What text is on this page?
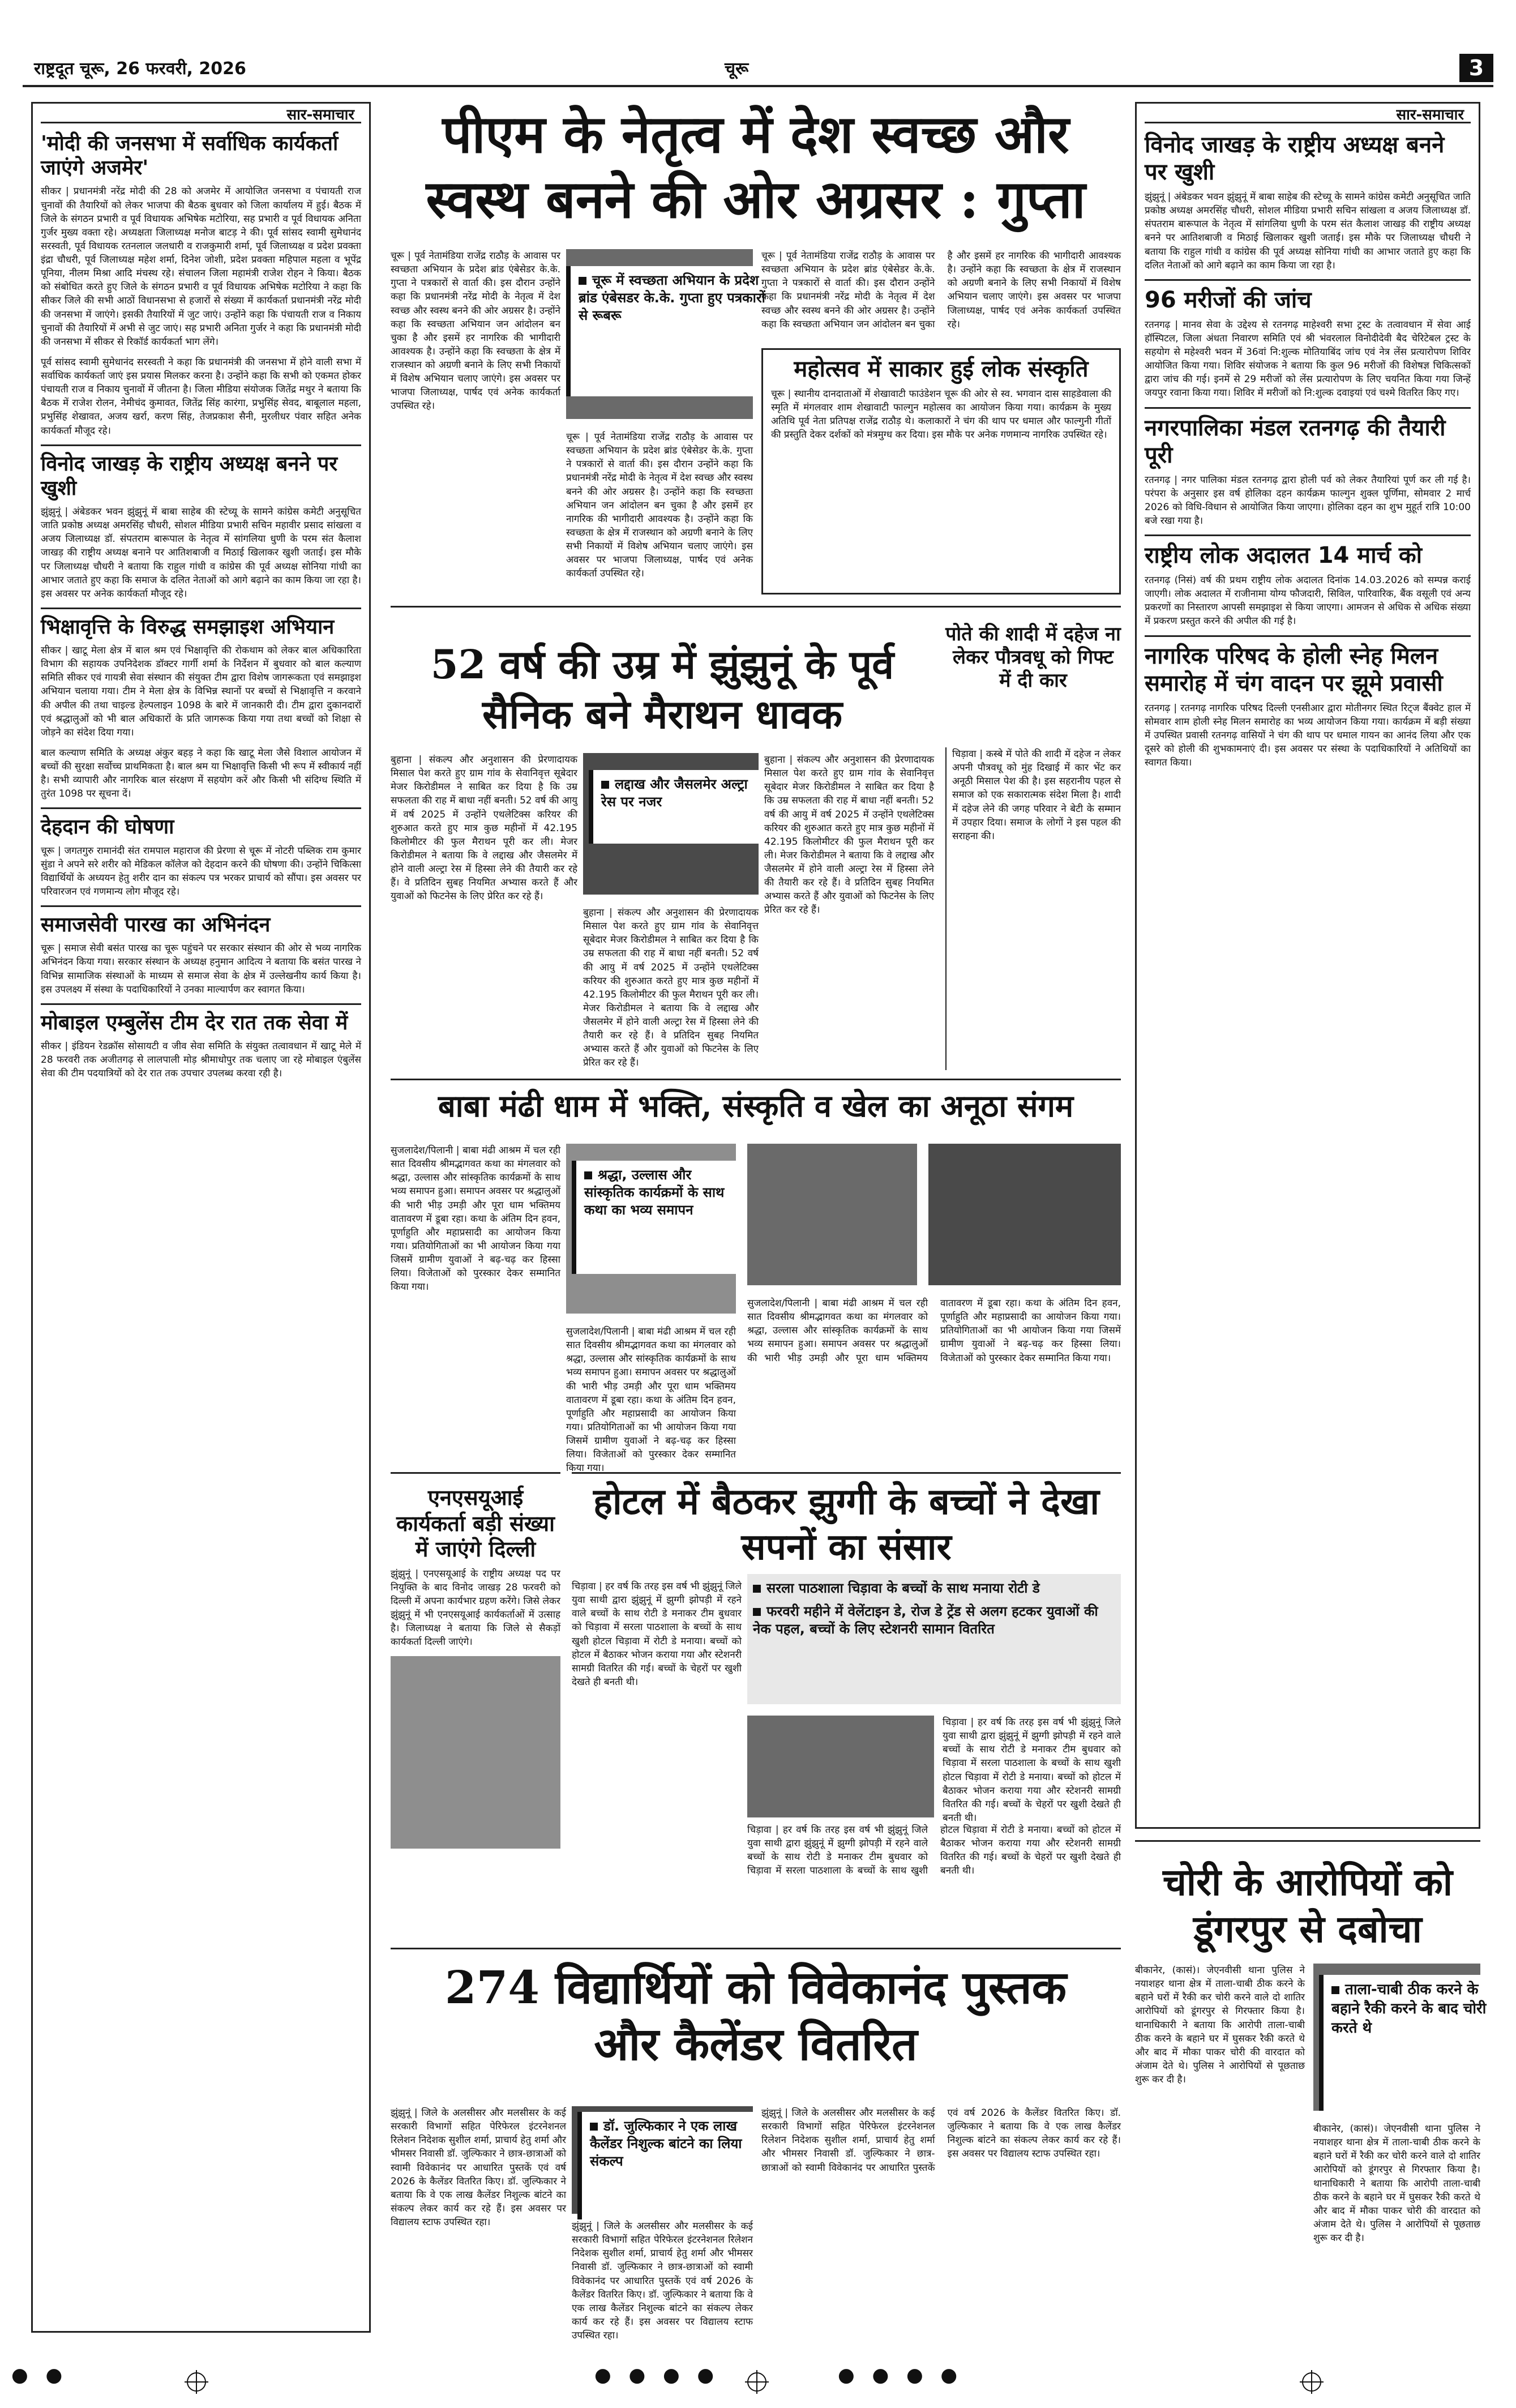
राष्ट्रदूत चूरू, 26 फरवरी, 2026	चूरू	3
सार-समाचार
'मोदी की जनसभा में सर्वाधिक कार्यकर्ता जाएंगे अजमेर'

सीकर | प्रधानमंत्री नरेंद्र मोदी की 28 को अजमेर में आयोजित जनसभा व पंचायती राज चुनावों की तैयारियों को लेकर भाजपा की बैठक बुधवार को जिला कार्यालय में हुई। बैठक में जिले के संगठन प्रभारी व पूर्व विधायक अभिषेक मटोरिया, सह प्रभारी व पूर्व विधायक अनिता गुर्जर मुख्य वक्ता रहे। अध्यक्षता जिलाध्यक्ष मनोज बाटड़ ने की। पूर्व सांसद स्वामी सुमेधानंद सरस्वती, पूर्व विधायक रतनलाल जलधारी व राजकुमारी शर्मा, पूर्व जिलाध्यक्ष व प्रदेश प्रवक्ता इंद्रा चौधरी, पूर्व जिलाध्यक्ष महेश शर्मा, दिनेश जोशी, प्रदेश प्रवक्ता महिपाल महला व भूपेंद्र पूनिया, नीलम मिश्रा आदि मंचस्थ रहे। संचालन जिला महामंत्री राजेश रोहन ने किया। बैठक को संबोधित करते हुए जिले के संगठन प्रभारी व पूर्व विधायक अभिषेक मटोरिया ने कहा कि सीकर जिले की सभी आठों विधानसभा से हजारों से संख्या में कार्यकर्ता प्रधानमंत्री नरेंद्र मोदी की जनसभा में जाएंगे। इसकी तैयारियों में जुट जाएं। उन्होंने कहा कि पंचायती राज व निकाय चुनावों की तैयारियों में अभी से जुट जाएं। सह प्रभारी अनिता गुर्जर ने कहा कि प्रधानमंत्री मोदी की जनसभा में सीकर से रिकॉर्ड कार्यकर्ता भाग लेंगे।

पूर्व सांसद स्वामी सुमेधानंद सरस्वती ने कहा कि प्रधानमंत्री की जनसभा में होने वाली सभा में सर्वाधिक कार्यकर्ता जाएं इस प्रयास मिलकर करना है। उन्होंने कहा कि सभी को एकमत होकर पंचायती राज व निकाय चुनावों में जीतना है। जिला मीडिया संयोजक जितेंद्र मथुर ने बताया कि बैठक में राजेश रोलन, नेमीचंद कुमावत, जितेंद्र सिंह कारंगा, प्रभुसिंह सेवद, बाबूलाल महला, प्रभुसिंह शेखावत, अजय खर्रा, करण सिंह, तेजप्रकाश सैनी, मुरलीधर पंवार सहित अनेक कार्यकर्ता मौजूद रहे।

विनोद जाखड़ के राष्ट्रीय अध्यक्ष बनने पर खुशी

झुंझुनूं | अंबेडकर भवन झुंझुनूं में बाबा साहेब की स्टेच्यू के सामने कांग्रेस कमेटी अनुसूचित जाति प्रकोष्ठ अध्यक्ष अमरसिंह चौधरी, सोशल मीडिया प्रभारी सचिन महावीर प्रसाद सांखला व अजय जिलाध्यक्ष डॉ. संपतराम बारूपाल के नेतृत्व में सांगलिया धुणी के परम संत कैलाश जाखड़ की राष्ट्रीय अध्यक्ष बनाने पर आतिशबाजी व मिठाई खिलाकर खुशी जताई। इस मौके पर जिलाध्यक्ष चौधरी ने बताया कि राहुल गांधी व कांग्रेस की पूर्व अध्यक्ष सोनिया गांधी का आभार जताते हुए कहा कि समाज के दलित नेताओं को आगे बढ़ाने का काम किया जा रहा है। इस अवसर पर अनेक कार्यकर्ता मौजूद रहे।

भिक्षावृत्ति के विरुद्ध समझाइश अभियान

सीकर | खाटू मेला क्षेत्र में बाल श्रम एवं भिक्षावृत्ति की रोकथाम को लेकर बाल अधिकारिता विभाग की सहायक उपनिदेशक डॉक्टर गार्गी शर्मा के निर्देशन में बुधवार को बाल कल्याण समिति सीकर एवं गायत्री सेवा संस्थान की संयुक्त टीम द्वारा विशेष जागरूकता एवं समझाइश अभियान चलाया गया। टीम ने मेला क्षेत्र के विभिन्न स्थानों पर बच्चों से भिक्षावृत्ति न करवाने की अपील की तथा चाइल्ड हेल्पलाइन 1098 के बारे में जानकारी दी। टीम द्वारा दुकानदारों एवं श्रद्धालुओं को भी बाल अधिकारों के प्रति जागरूक किया गया तथा बच्चों को शिक्षा से जोड़ने का संदेश दिया गया।

बाल कल्याण समिति के अध्यक्ष अंकुर बहड़ ने कहा कि खाटू मेला जैसे विशाल आयोजन में बच्चों की सुरक्षा सर्वोच्च प्राथमिकता है। बाल श्रम या भिक्षावृत्ति किसी भी रूप में स्वीकार्य नहीं है। सभी व्यापारी और नागरिक बाल संरक्षण में सहयोग करें और किसी भी संदिग्ध स्थिति में तुरंत 1098 पर सूचना दें।

देहदान की घोषणा

चूरू | जगतगुरु रामानंदी संत रामपाल महाराज की प्रेरणा से चूरू में नोटरी पब्लिक राम कुमार सुंडा ने अपने सरे शरीर को मेडिकल कॉलेज को देहदान करने की घोषणा की। उन्होंने चिकित्सा विद्यार्थियों के अध्ययन हेतु शरीर दान का संकल्प पत्र भरकर प्राचार्य को सौंपा। इस अवसर पर परिवारजन एवं गणमान्य लोग मौजूद रहे।

समाजसेवी पारख का अभिनंदन

चूरू | समाज सेवी बसंत पारख का चूरू पहुंचने पर सरकार संस्थान की ओर से भव्य नागरिक अभिनंदन किया गया। सरकार संस्थान के अध्यक्ष हनुमान आदित्य ने बताया कि बसंत पारख ने विभिन्न सामाजिक संस्थाओं के माध्यम से समाज सेवा के क्षेत्र में उल्लेखनीय कार्य किया है। इस उपलक्ष्य में संस्था के पदाधिकारियों ने उनका माल्यार्पण कर स्वागत किया।

मोबाइल एम्बुलेंस टीम देर रात तक सेवा में

सीकर | इंडियन रेडक्रॉस सोसायटी व जीव सेवा समिति के संयुक्त तत्वावधान में खाटू मेले में 28 फरवरी तक अजीतगढ़ से लालपाली मोड़ श्रीमाधोपुर तक चलाए जा रहे मोबाइल एंबुलेंस सेवा की टीम पदयात्रियों को देर रात तक उपचार उपलब्ध करवा रही है।

पीएम के नेतृत्व में देश स्वच्छ और स्वस्थ बनने की ओर अग्रसर : गुप्ता
चूरू में स्वच्छता अभियान के प्रदेश ब्रांड एंबेसडर के.के. गुप्ता हुए पत्रकारों से रूबरू

चूरू | पूर्व नेतामंडिया राजेंद्र राठौड़ के आवास पर स्वच्छता अभियान के प्रदेश ब्रांड एंबेसेडर के.के. गुप्ता ने पत्रकारों से वार्ता की। इस दौरान उन्होंने कहा कि प्रधानमंत्री नरेंद्र मोदी के नेतृत्व में देश स्वच्छ और स्वस्थ बनने की ओर अग्रसर है। उन्होंने कहा कि स्वच्छता अभियान जन आंदोलन बन चुका है और इसमें हर नागरिक की भागीदारी आवश्यक है। उन्होंने कहा कि स्वच्छता के क्षेत्र में राजस्थान को अग्रणी बनाने के लिए सभी निकायों में विशेष अभियान चलाए जाएंगे। इस अवसर पर भाजपा जिलाध्यक्ष, पार्षद एवं अनेक कार्यकर्ता उपस्थित रहे।

चूरू | पूर्व नेतामंडिया राजेंद्र राठौड़ के आवास पर स्वच्छता अभियान के प्रदेश ब्रांड एंबेसेडर के.के. गुप्ता ने पत्रकारों से वार्ता की। इस दौरान उन्होंने कहा कि प्रधानमंत्री नरेंद्र मोदी के नेतृत्व में देश स्वच्छ और स्वस्थ बनने की ओर अग्रसर है। उन्होंने कहा कि स्वच्छता अभियान जन आंदोलन बन चुका है और इसमें हर नागरिक की भागीदारी आवश्यक है। उन्होंने कहा कि स्वच्छता के क्षेत्र में राजस्थान को अग्रणी बनाने के लिए सभी निकायों में विशेष अभियान चलाए जाएंगे। इस अवसर पर भाजपा जिलाध्यक्ष, पार्षद एवं अनेक कार्यकर्ता उपस्थित रहे।

चूरू | पूर्व नेतामंडिया राजेंद्र राठौड़ के आवास पर स्वच्छता अभियान के प्रदेश ब्रांड एंबेसेडर के.के. गुप्ता ने पत्रकारों से वार्ता की। इस दौरान उन्होंने कहा कि प्रधानमंत्री नरेंद्र मोदी के नेतृत्व में देश स्वच्छ और स्वस्थ बनने की ओर अग्रसर है। उन्होंने कहा कि स्वच्छता अभियान जन आंदोलन बन चुका है और इसमें हर नागरिक की भागीदारी आवश्यक है। उन्होंने कहा कि स्वच्छता के क्षेत्र में राजस्थान को अग्रणी बनाने के लिए सभी निकायों में विशेष अभियान चलाए जाएंगे। इस अवसर पर भाजपा जिलाध्यक्ष, पार्षद एवं अनेक कार्यकर्ता उपस्थित रहे।

महोत्सव में साकार हुई लोक संस्कृति

चूरू | स्थानीय दानदाताओं में शेखावाटी फाउंडेशन चूरू की ओर से स्व. भगवान दास साहडेवाला की स्मृति में मंगलवार शाम शेखावाटी फाल्गुन महोत्सव का आयोजन किया गया। कार्यक्रम के मुख्य अतिथि पूर्व नेता प्रतिपक्ष राजेंद्र राठौड़ थे। कलाकारों ने चंग की थाप पर धमाल और फाल्गुनी गीतों की प्रस्तुति देकर दर्शकों को मंत्रमुग्ध कर दिया। इस मौके पर अनेक गणमान्य नागरिक उपस्थित रहे।

52 वर्ष की उम्र में झुंझुनूं के पूर्व सैनिक बने मैराथन धावक
पोते की शादी में दहेज ना लेकर पौत्रवधू को गिफ्ट में दी कार

बुहाना | संकल्प और अनुशासन की प्रेरणादायक मिसाल पेश करते हुए ग्राम गांव के सेवानिवृत्त सूबेदार मेजर किरोडीमल ने साबित कर दिया है कि उम्र सफलता की राह में बाधा नहीं बनती। 52 वर्ष की आयु में वर्ष 2025 में उन्होंने एथलेटिक्स करियर की शुरुआत करते हुए मात्र कुछ महीनों में 42.195 किलोमीटर की फुल मैराथन पूरी कर ली। मेजर किरोडीमल ने बताया कि वे लद्दाख और जैसलमेर में होने वाली अल्ट्रा रेस में हिस्सा लेने की तैयारी कर रहे हैं। वे प्रतिदिन सुबह नियमित अभ्यास करते हैं और युवाओं को फिटनेस के लिए प्रेरित कर रहे हैं।

लद्दाख और जैसलमेर अल्ट्रा रेस पर नजर

बुहाना | संकल्प और अनुशासन की प्रेरणादायक मिसाल पेश करते हुए ग्राम गांव के सेवानिवृत्त सूबेदार मेजर किरोडीमल ने साबित कर दिया है कि उम्र सफलता की राह में बाधा नहीं बनती। 52 वर्ष की आयु में वर्ष 2025 में उन्होंने एथलेटिक्स करियर की शुरुआत करते हुए मात्र कुछ महीनों में 42.195 किलोमीटर की फुल मैराथन पूरी कर ली। मेजर किरोडीमल ने बताया कि वे लद्दाख और जैसलमेर में होने वाली अल्ट्रा रेस में हिस्सा लेने की तैयारी कर रहे हैं। वे प्रतिदिन सुबह नियमित अभ्यास करते हैं और युवाओं को फिटनेस के लिए प्रेरित कर रहे हैं।

बुहाना | संकल्प और अनुशासन की प्रेरणादायक मिसाल पेश करते हुए ग्राम गांव के सेवानिवृत्त सूबेदार मेजर किरोडीमल ने साबित कर दिया है कि उम्र सफलता की राह में बाधा नहीं बनती। 52 वर्ष की आयु में वर्ष 2025 में उन्होंने एथलेटिक्स करियर की शुरुआत करते हुए मात्र कुछ महीनों में 42.195 किलोमीटर की फुल मैराथन पूरी कर ली। मेजर किरोडीमल ने बताया कि वे लद्दाख और जैसलमेर में होने वाली अल्ट्रा रेस में हिस्सा लेने की तैयारी कर रहे हैं। वे प्रतिदिन सुबह नियमित अभ्यास करते हैं और युवाओं को फिटनेस के लिए प्रेरित कर रहे हैं।

चिड़ावा | कस्बे में पोते की शादी में दहेज न लेकर अपनी पौत्रवधू को मुंह दिखाई में कार भेंट कर अनूठी मिसाल पेश की है। इस सहरानीय पहल से समाज को एक सकारात्मक संदेश मिला है। शादी में दहेज लेने की जगह परिवार ने बेटी के सम्मान में उपहार दिया। समाज के लोगों ने इस पहल की सराहना की।

बाबा मंढी धाम में भक्ति, संस्कृति व खेल का अनूठा संगम

सुजलादेश/पिलानी | बाबा मंढी आश्रम में चल रही सात दिवसीय श्रीमद्भागवत कथा का मंगलवार को श्रद्धा, उल्लास और सांस्कृतिक कार्यक्रमों के साथ भव्य समापन हुआ। समापन अवसर पर श्रद्धालुओं की भारी भीड़ उमड़ी और पूरा धाम भक्तिमय वातावरण में डूबा रहा। कथा के अंतिम दिन हवन, पूर्णाहुति और महाप्रसादी का आयोजन किया गया। प्रतियोगिताओं का भी आयोजन किया गया जिसमें ग्रामीण युवाओं ने बढ़-चढ़ कर हिस्सा लिया। विजेताओं को पुरस्कार देकर सम्मानित किया गया।

श्रद्धा, उल्लास और सांस्कृतिक कार्यक्रमों के साथ कथा का भव्य समापन

सुजलादेश/पिलानी | बाबा मंढी आश्रम में चल रही सात दिवसीय श्रीमद्भागवत कथा का मंगलवार को श्रद्धा, उल्लास और सांस्कृतिक कार्यक्रमों के साथ भव्य समापन हुआ। समापन अवसर पर श्रद्धालुओं की भारी भीड़ उमड़ी और पूरा धाम भक्तिमय वातावरण में डूबा रहा। कथा के अंतिम दिन हवन, पूर्णाहुति और महाप्रसादी का आयोजन किया गया। प्रतियोगिताओं का भी आयोजन किया गया जिसमें ग्रामीण युवाओं ने बढ़-चढ़ कर हिस्सा लिया। विजेताओं को पुरस्कार देकर सम्मानित किया गया।

सुजलादेश/पिलानी | बाबा मंढी आश्रम में चल रही सात दिवसीय श्रीमद्भागवत कथा का मंगलवार को श्रद्धा, उल्लास और सांस्कृतिक कार्यक्रमों के साथ भव्य समापन हुआ। समापन अवसर पर श्रद्धालुओं की भारी भीड़ उमड़ी और पूरा धाम भक्तिमय वातावरण में डूबा रहा। कथा के अंतिम दिन हवन, पूर्णाहुति और महाप्रसादी का आयोजन किया गया। प्रतियोगिताओं का भी आयोजन किया गया जिसमें ग्रामीण युवाओं ने बढ़-चढ़ कर हिस्सा लिया। विजेताओं को पुरस्कार देकर सम्मानित किया गया।

एनएसयूआई कार्यकर्ता बड़ी संख्या में जाएंगे दिल्ली

झुंझुनूं | एनएसयूआई के राष्ट्रीय अध्यक्ष पद पर नियुक्ति के बाद विनोद जाखड़ 28 फरवरी को दिल्ली में अपना कार्यभार ग्रहण करेंगे। जिसे लेकर झुंझुनूं में भी एनएसयूआई कार्यकर्ताओं में उत्साह है। जिलाध्यक्ष ने बताया कि जिले से सैकड़ों कार्यकर्ता दिल्ली जाएंगे।

होटल में बैठकर झुग्गी के बच्चों ने देखा सपनों का संसार

चिड़ावा | हर वर्ष कि तरह इस वर्ष भी झुंझुनूं जिले युवा साथी द्वारा झुंझुनूं में झुग्गी झोपड़ी में रहने वाले बच्चों के साथ रोटी डे मनाकर टीम बुधवार को चिड़ावा में सरला पाठशाला के बच्चों के साथ खुशी होटल चिड़ावा में रोटी डे मनाया। बच्चों को होटल में बैठाकर भोजन कराया गया और स्टेशनरी सामग्री वितरित की गई। बच्चों के चेहरों पर खुशी देखते ही बनती थी।

सरला पाठशाला चिड़ावा के बच्चों के साथ मनाया रोटी डे
फरवरी महीने में वेलेंटाइन डे, रोज डे ट्रेंड से अलग हटकर युवाओं की नेक पहल, बच्चों के लिए स्टेशनरी सामान वितरित

चिड़ावा | हर वर्ष कि तरह इस वर्ष भी झुंझुनूं जिले युवा साथी द्वारा झुंझुनूं में झुग्गी झोपड़ी में रहने वाले बच्चों के साथ रोटी डे मनाकर टीम बुधवार को चिड़ावा में सरला पाठशाला के बच्चों के साथ खुशी होटल चिड़ावा में रोटी डे मनाया। बच्चों को होटल में बैठाकर भोजन कराया गया और स्टेशनरी सामग्री वितरित की गई। बच्चों के चेहरों पर खुशी देखते ही बनती थी।

चिड़ावा | हर वर्ष कि तरह इस वर्ष भी झुंझुनूं जिले युवा साथी द्वारा झुंझुनूं में झुग्गी झोपड़ी में रहने वाले बच्चों के साथ रोटी डे मनाकर टीम बुधवार को चिड़ावा में सरला पाठशाला के बच्चों के साथ खुशी होटल चिड़ावा में रोटी डे मनाया। बच्चों को होटल में बैठाकर भोजन कराया गया और स्टेशनरी सामग्री वितरित की गई। बच्चों के चेहरों पर खुशी देखते ही बनती थी।

274 विद्यार्थियों को विवेकानंद पुस्तक और कैलेंडर वितरित

झुंझुनूं | जिले के अलसीसर और मलसीसर के कई सरकारी विभागों सहित पेरिफेरल इंटरनेशनल रिलेशन निदेशक सुशील शर्मा, प्राचार्य हेतु शर्मा और भीमसर निवासी डॉ. जुल्फिकार ने छात्र-छात्राओं को स्वामी विवेकानंद पर आधारित पुस्तकें एवं वर्ष 2026 के कैलेंडर वितरित किए। डॉ. जुल्फिकार ने बताया कि वे एक लाख कैलेंडर निशुल्क बांटने का संकल्प लेकर कार्य कर रहे हैं। इस अवसर पर विद्यालय स्टाफ उपस्थित रहा।

डॉ. जुल्फिकार ने एक लाख कैलेंडर निशुल्क बांटने का लिया संकल्प

झुंझुनूं | जिले के अलसीसर और मलसीसर के कई सरकारी विभागों सहित पेरिफेरल इंटरनेशनल रिलेशन निदेशक सुशील शर्मा, प्राचार्य हेतु शर्मा और भीमसर निवासी डॉ. जुल्फिकार ने छात्र-छात्राओं को स्वामी विवेकानंद पर आधारित पुस्तकें एवं वर्ष 2026 के कैलेंडर वितरित किए। डॉ. जुल्फिकार ने बताया कि वे एक लाख कैलेंडर निशुल्क बांटने का संकल्प लेकर कार्य कर रहे हैं। इस अवसर पर विद्यालय स्टाफ उपस्थित रहा।

झुंझुनूं | जिले के अलसीसर और मलसीसर के कई सरकारी विभागों सहित पेरिफेरल इंटरनेशनल रिलेशन निदेशक सुशील शर्मा, प्राचार्य हेतु शर्मा और भीमसर निवासी डॉ. जुल्फिकार ने छात्र-छात्राओं को स्वामी विवेकानंद पर आधारित पुस्तकें एवं वर्ष 2026 के कैलेंडर वितरित किए। डॉ. जुल्फिकार ने बताया कि वे एक लाख कैलेंडर निशुल्क बांटने का संकल्प लेकर कार्य कर रहे हैं। इस अवसर पर विद्यालय स्टाफ उपस्थित रहा।

सार-समाचार
विनोद जाखड़ के राष्ट्रीय अध्यक्ष बनने पर खुशी

झुंझुनूं | अंबेडकर भवन झुंझुनूं में बाबा साहेब की स्टेच्यू के सामने कांग्रेस कमेटी अनुसूचित जाति प्रकोष्ठ अध्यक्ष अमरसिंह चौधरी, सोशल मीडिया प्रभारी सचिन सांखला व अजय जिलाध्यक्ष डॉ. संपतराम बारूपाल के नेतृत्व में सांगलिया धुणी के परम संत कैलाश जाखड़ की राष्ट्रीय अध्यक्ष बनने पर आतिशबाजी व मिठाई खिलाकर खुशी जताई। इस मौके पर जिलाध्यक्ष चौधरी ने बताया कि राहुल गांधी व कांग्रेस की पूर्व अध्यक्ष सोनिया गांधी का आभार जताते हुए कहा कि दलित नेताओं को आगे बढ़ाने का काम किया जा रहा है।

96 मरीजों की जांच

रतनगढ़ | मानव सेवा के उद्देश्य से रतनगढ़ माहेश्वरी सभा ट्रस्ट के तत्वावधान में सेवा आई हॉस्पिटल, जिला अंधता निवारण समिति एवं श्री भंवरलाल विनोदीदेवी बैद चेरिटेबल ट्रस्ट के सहयोग से महेश्वरी भवन में 36वां नि:शुल्क मोतियाबिंद जांच एवं नेत्र लेंस प्रत्यारोपण शिविर आयोजित किया गया। शिविर संयोजक ने बताया कि कुल 96 मरीजों की विशेषज्ञ चिकित्सकों द्वारा जांच की गई। इनमें से 29 मरीजों को लेंस प्रत्यारोपण के लिए चयनित किया गया जिन्हें जयपुर रवाना किया गया। शिविर में मरीजों को नि:शुल्क दवाइयां एवं चश्मे वितरित किए गए।

नगरपालिका मंडल रतनगढ़ की तैयारी पूरी

रतनगढ़ | नगर पालिका मंडल रतनगढ़ द्वारा होली पर्व को लेकर तैयारियां पूर्ण कर ली गई है। परंपरा के अनुसार इस वर्ष होलिका दहन कार्यक्रम फाल्गुन शुक्ल पूर्णिमा, सोमवार 2 मार्च 2026 को विधि-विधान से आयोजित किया जाएगा। होलिका दहन का शुभ मुहूर्त रात्रि 10:00 बजे रखा गया है।

राष्ट्रीय लोक अदालत 14 मार्च को

रतनगढ़ (निसं) वर्ष की प्रथम राष्ट्रीय लोक अदालत दिनांक 14.03.2026 को सम्पन्न कराई जाएगी। लोक अदालत में राजीनामा योग्य फौजदारी, सिविल, पारिवारिक, बैंक वसूली एवं अन्य प्रकरणों का निस्तारण आपसी समझाइश से किया जाएगा। आमजन से अधिक से अधिक संख्या में प्रकरण प्रस्तुत करने की अपील की गई है।

नागरिक परिषद के होली स्नेह मिलन समारोह में चंग वादन पर झूमे प्रवासी

रतनगढ़ | रतनगढ़ नागरिक परिषद दिल्ली एनसीआर द्वारा मोतीनगर स्थित रिट्ज बैंक्वेट हाल में सोमवार शाम होली स्नेह मिलन समारोह का भव्य आयोजन किया गया। कार्यक्रम में बड़ी संख्या में उपस्थित प्रवासी रतनगढ़ वासियों ने चंग की थाप पर धमाल गायन का आनंद लिया और एक दूसरे को होली की शुभकामनाएं दी। इस अवसर पर संस्था के पदाधिकारियों ने अतिथियों का स्वागत किया।

चोरी के आरोपियों को डूंगरपुर से दबोचा

बीकानेर, (कासं)। जेएनवीसी थाना पुलिस ने नयाशहर थाना क्षेत्र में ताला-चाबी ठीक करने के बहाने घरों में रैकी कर चोरी करने वाले दो शातिर आरोपियों को डूंगरपुर से गिरफ्तार किया है। थानाधिकारी ने बताया कि आरोपी ताला-चाबी ठीक करने के बहाने घर में घुसकर रैकी करते थे और बाद में मौका पाकर चोरी की वारदात को अंजाम देते थे। पुलिस ने आरोपियों से पूछताछ शुरू कर दी है।

ताला-चाबी ठीक करने के बहाने रैकी करने के बाद चोरी करते थे

बीकानेर, (कासं)। जेएनवीसी थाना पुलिस ने नयाशहर थाना क्षेत्र में ताला-चाबी ठीक करने के बहाने घरों में रैकी कर चोरी करने वाले दो शातिर आरोपियों को डूंगरपुर से गिरफ्तार किया है। थानाधिकारी ने बताया कि आरोपी ताला-चाबी ठीक करने के बहाने घर में घुसकर रैकी करते थे और बाद में मौका पाकर चोरी की वारदात को अंजाम देते थे। पुलिस ने आरोपियों से पूछताछ शुरू कर दी है।

● ● ● ●	● ● ● ●
● ●
